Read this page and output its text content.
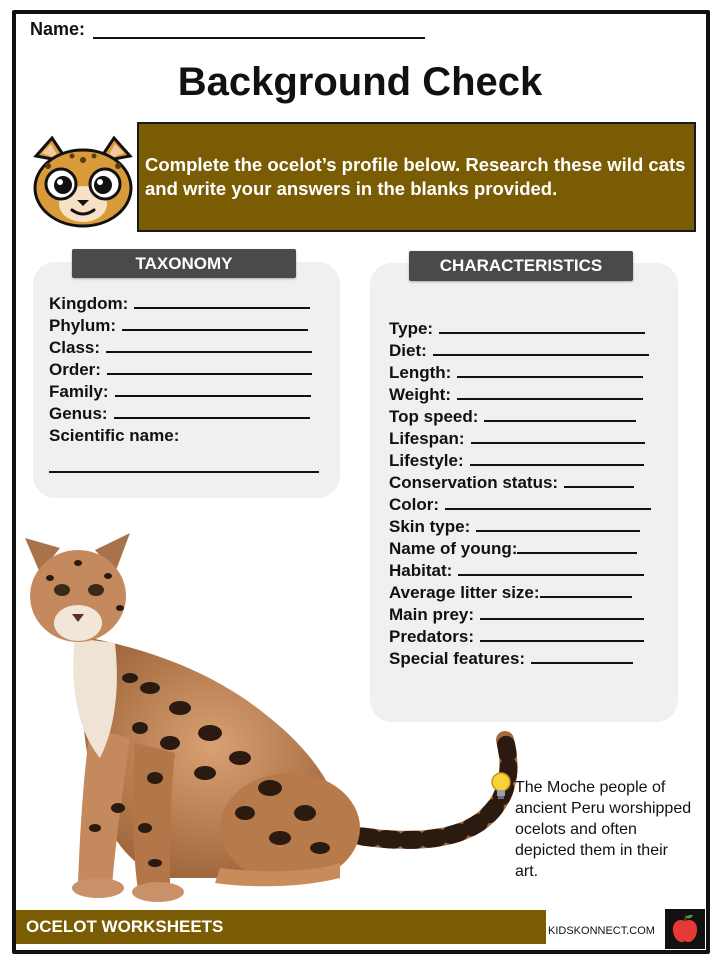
Name:
Background Check
Complete the ocelot’s profile below. Research these wild cats and write your answers in the blanks provided.
TAXONOMY
Kingdom:
Phylum:
Class:
Order:
Family:
Genus:
Scientific name:
CHARACTERISTICS
Type:
Diet:
Length:
Weight:
Top speed:
Lifespan:
Lifestyle:
Conservation status:
Color:
Skin type:
Name of young:
Habitat:
Average litter size:
Main prey:
Predators:
Special features:
The Moche people of ancient Peru worshipped ocelots and often depicted them in their art.
OCELOT WORKSHEETS	KIDSKONNECT.COM
